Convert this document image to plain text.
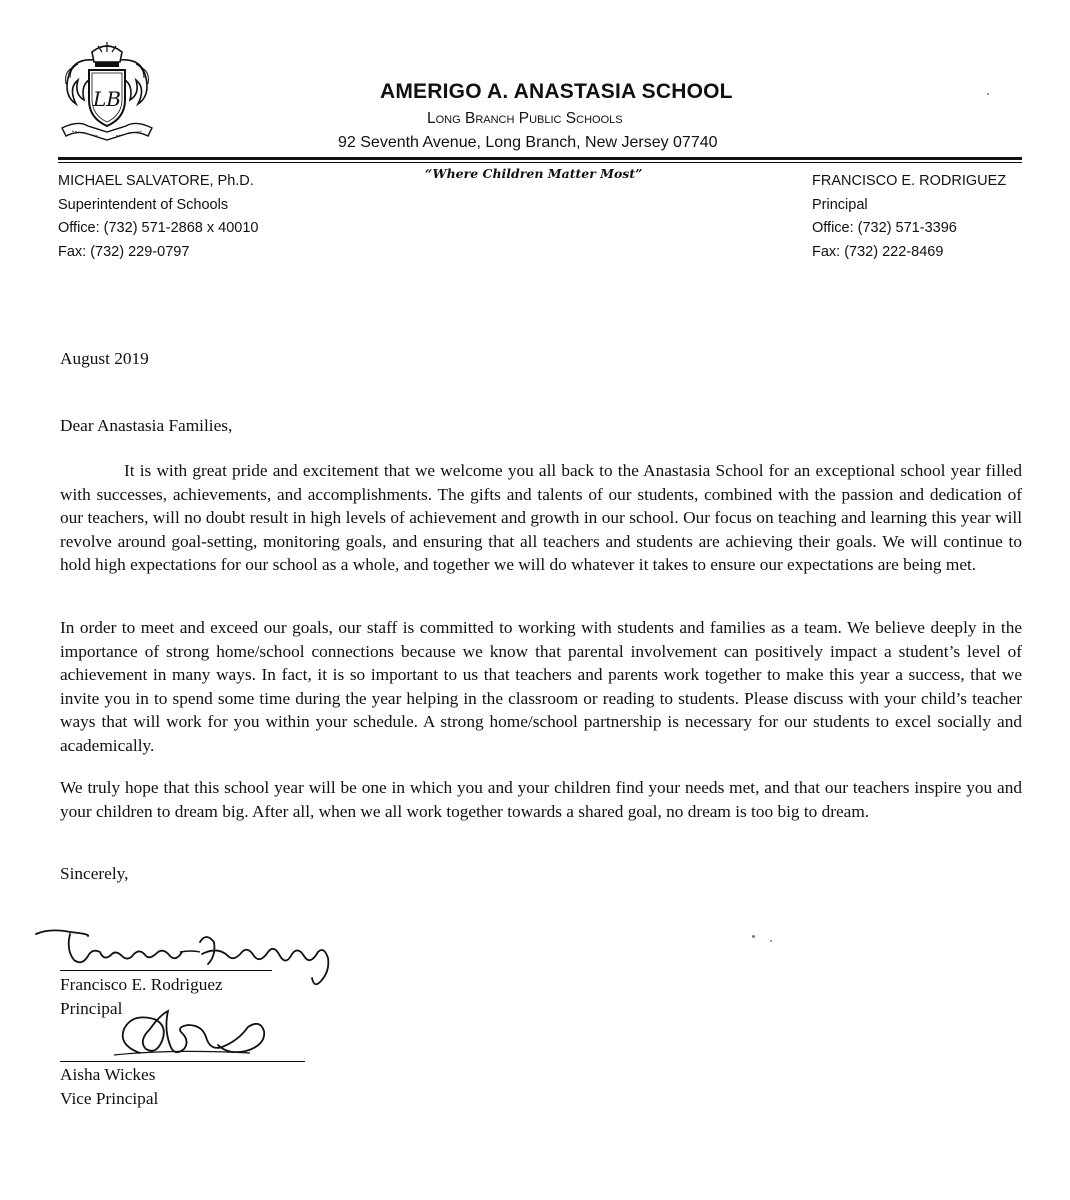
LB	AMERIGO A. ANASTASIA SCHOOL
Long Branch Public Schools
92 Seventh Avenue, Long Branch, New Jersey 07740
MICHAEL SALVATORE, Ph.D.
Superintendent of Schools
Office: (732) 571-2868 x 40010
Fax: (732) 229-0797
“Where Children Matter Most”	FRANCISCO E. RODRIGUEZ
Principal
Office: (732) 571-3396
Fax: (732) 222-8469
August 2019
Dear Anastasia Families,
It is with great pride and excitement that we welcome you all back to the Anastasia School for an exceptional school year filled with successes, achievements, and accomplishments. The gifts and talents of our students, combined with the passion and dedication of our teachers, will no doubt result in high levels of achievement and growth in our school. Our focus on teaching and learning this year will revolve around goal-setting, monitoring goals, and ensuring that all teachers and students are achieving their goals. We will continue to hold high expectations for our school as a whole, and together we will do whatever it takes to ensure our expectations are being met.
In order to meet and exceed our goals, our staff is committed to working with students and families as a team. We believe deeply in the importance of strong home/school connections because we know that parental involvement can positively impact a student’s level of achievement in many ways. In fact, it is so important to us that teachers and parents work together to make this year a success, that we invite you in to spend some time during the year helping in the classroom or reading to students. Please discuss with your child’s teacher ways that will work for you within your schedule. A strong home/school partnership is necessary for our students to excel socially and academically.
We truly hope that this school year will be one in which you and your children find your needs met, and that our teachers inspire you and your children to dream big. After all, when we all work together towards a shared goal, no dream is too big to dream.
Sincerely,
Francisco E. Rodriguez
Principal
Aisha Wickes
Vice Principal
